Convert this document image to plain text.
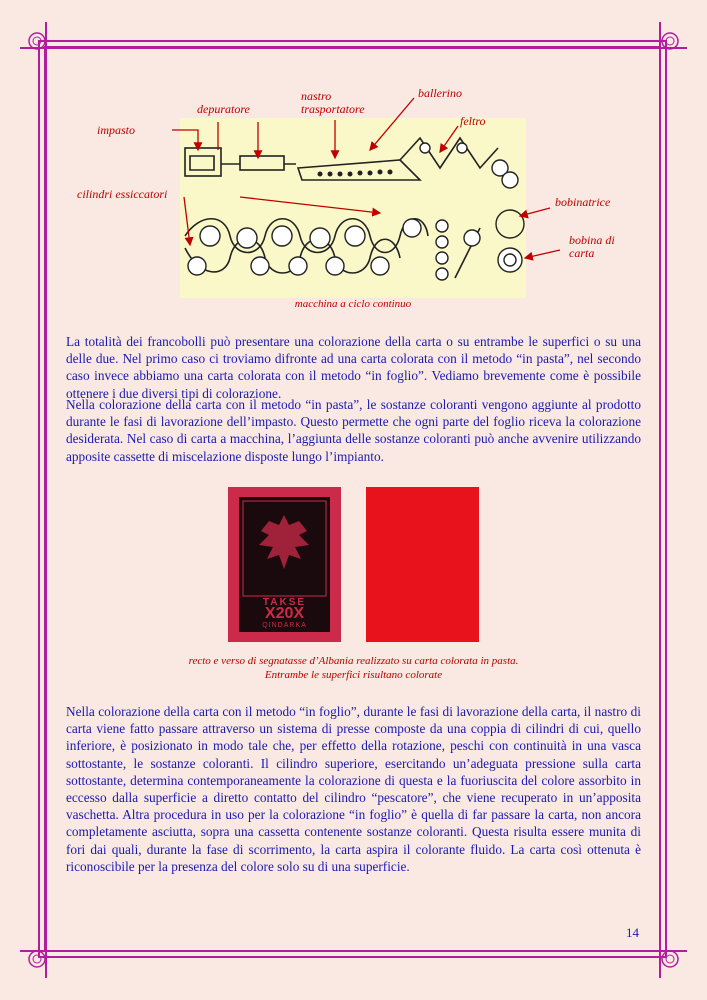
impasto
depuratore
nastro
trasportatore
ballerino
feltro
cilindri essiccatori
bobinatrice
bobina di
carta
macchina a ciclo continuo

La totalità dei francobolli può presentare una colorazione della carta o su entrambe le superfici o su una delle due. Nel primo caso ci troviamo difronte ad una carta colorata con il metodo “in pasta”, nel secondo caso invece abbiamo una carta colorata con il metodo “in foglio”. Vediamo brevemente come è possibile ottenere i due diversi tipi di colorazione.

Nella colorazione della carta con il metodo “in pasta”, le sostanze coloranti vengono aggiunte al prodotto durante le fasi di lavorazione dell’impasto. Questo permette che ogni parte del foglio riceva la colorazione desiderata. Nel caso di carta a macchina, l’aggiunta delle sostanze coloranti può anche avvenire utilizzando apposite cassette di miscelazione disposte lungo l’impianto.

TAKSE
X20X
QINDARKA
recto e verso di segnatasse d’Albania realizzato su carta colorata in pasta.
Entrambe le superfici risultano colorate

Nella colorazione della carta con il metodo “in foglio”, durante le fasi di lavorazione della carta, il nastro di carta viene fatto passare attraverso un sistema di presse composte da una coppia di cilindri di cui, quello inferiore, è posizionato in modo tale che, per effetto della rotazione, peschi con continuità in una vasca sottostante, le sostanze coloranti. Il cilindro superiore, esercitando un’adeguata pressione sulla carta sottostante, determina contemporaneamente la colorazione di questa e la fuoriuscita del colore assorbito in eccesso dalla superficie a diretto contatto del cilindro “pescatore”, che viene recuperato in un’apposita vaschetta. Altra procedura in uso per la colorazione “in foglio” è quella di far passare la carta, non ancora completamente asciutta, sopra una cassetta contenente sostanze coloranti. Questa risulta essere munita di fori dai quali, durante la fase di scorrimento, la carta aspira il colorante fluido. La carta così ottenuta è riconoscibile per la presenza del colore solo su di una superficie.

14
